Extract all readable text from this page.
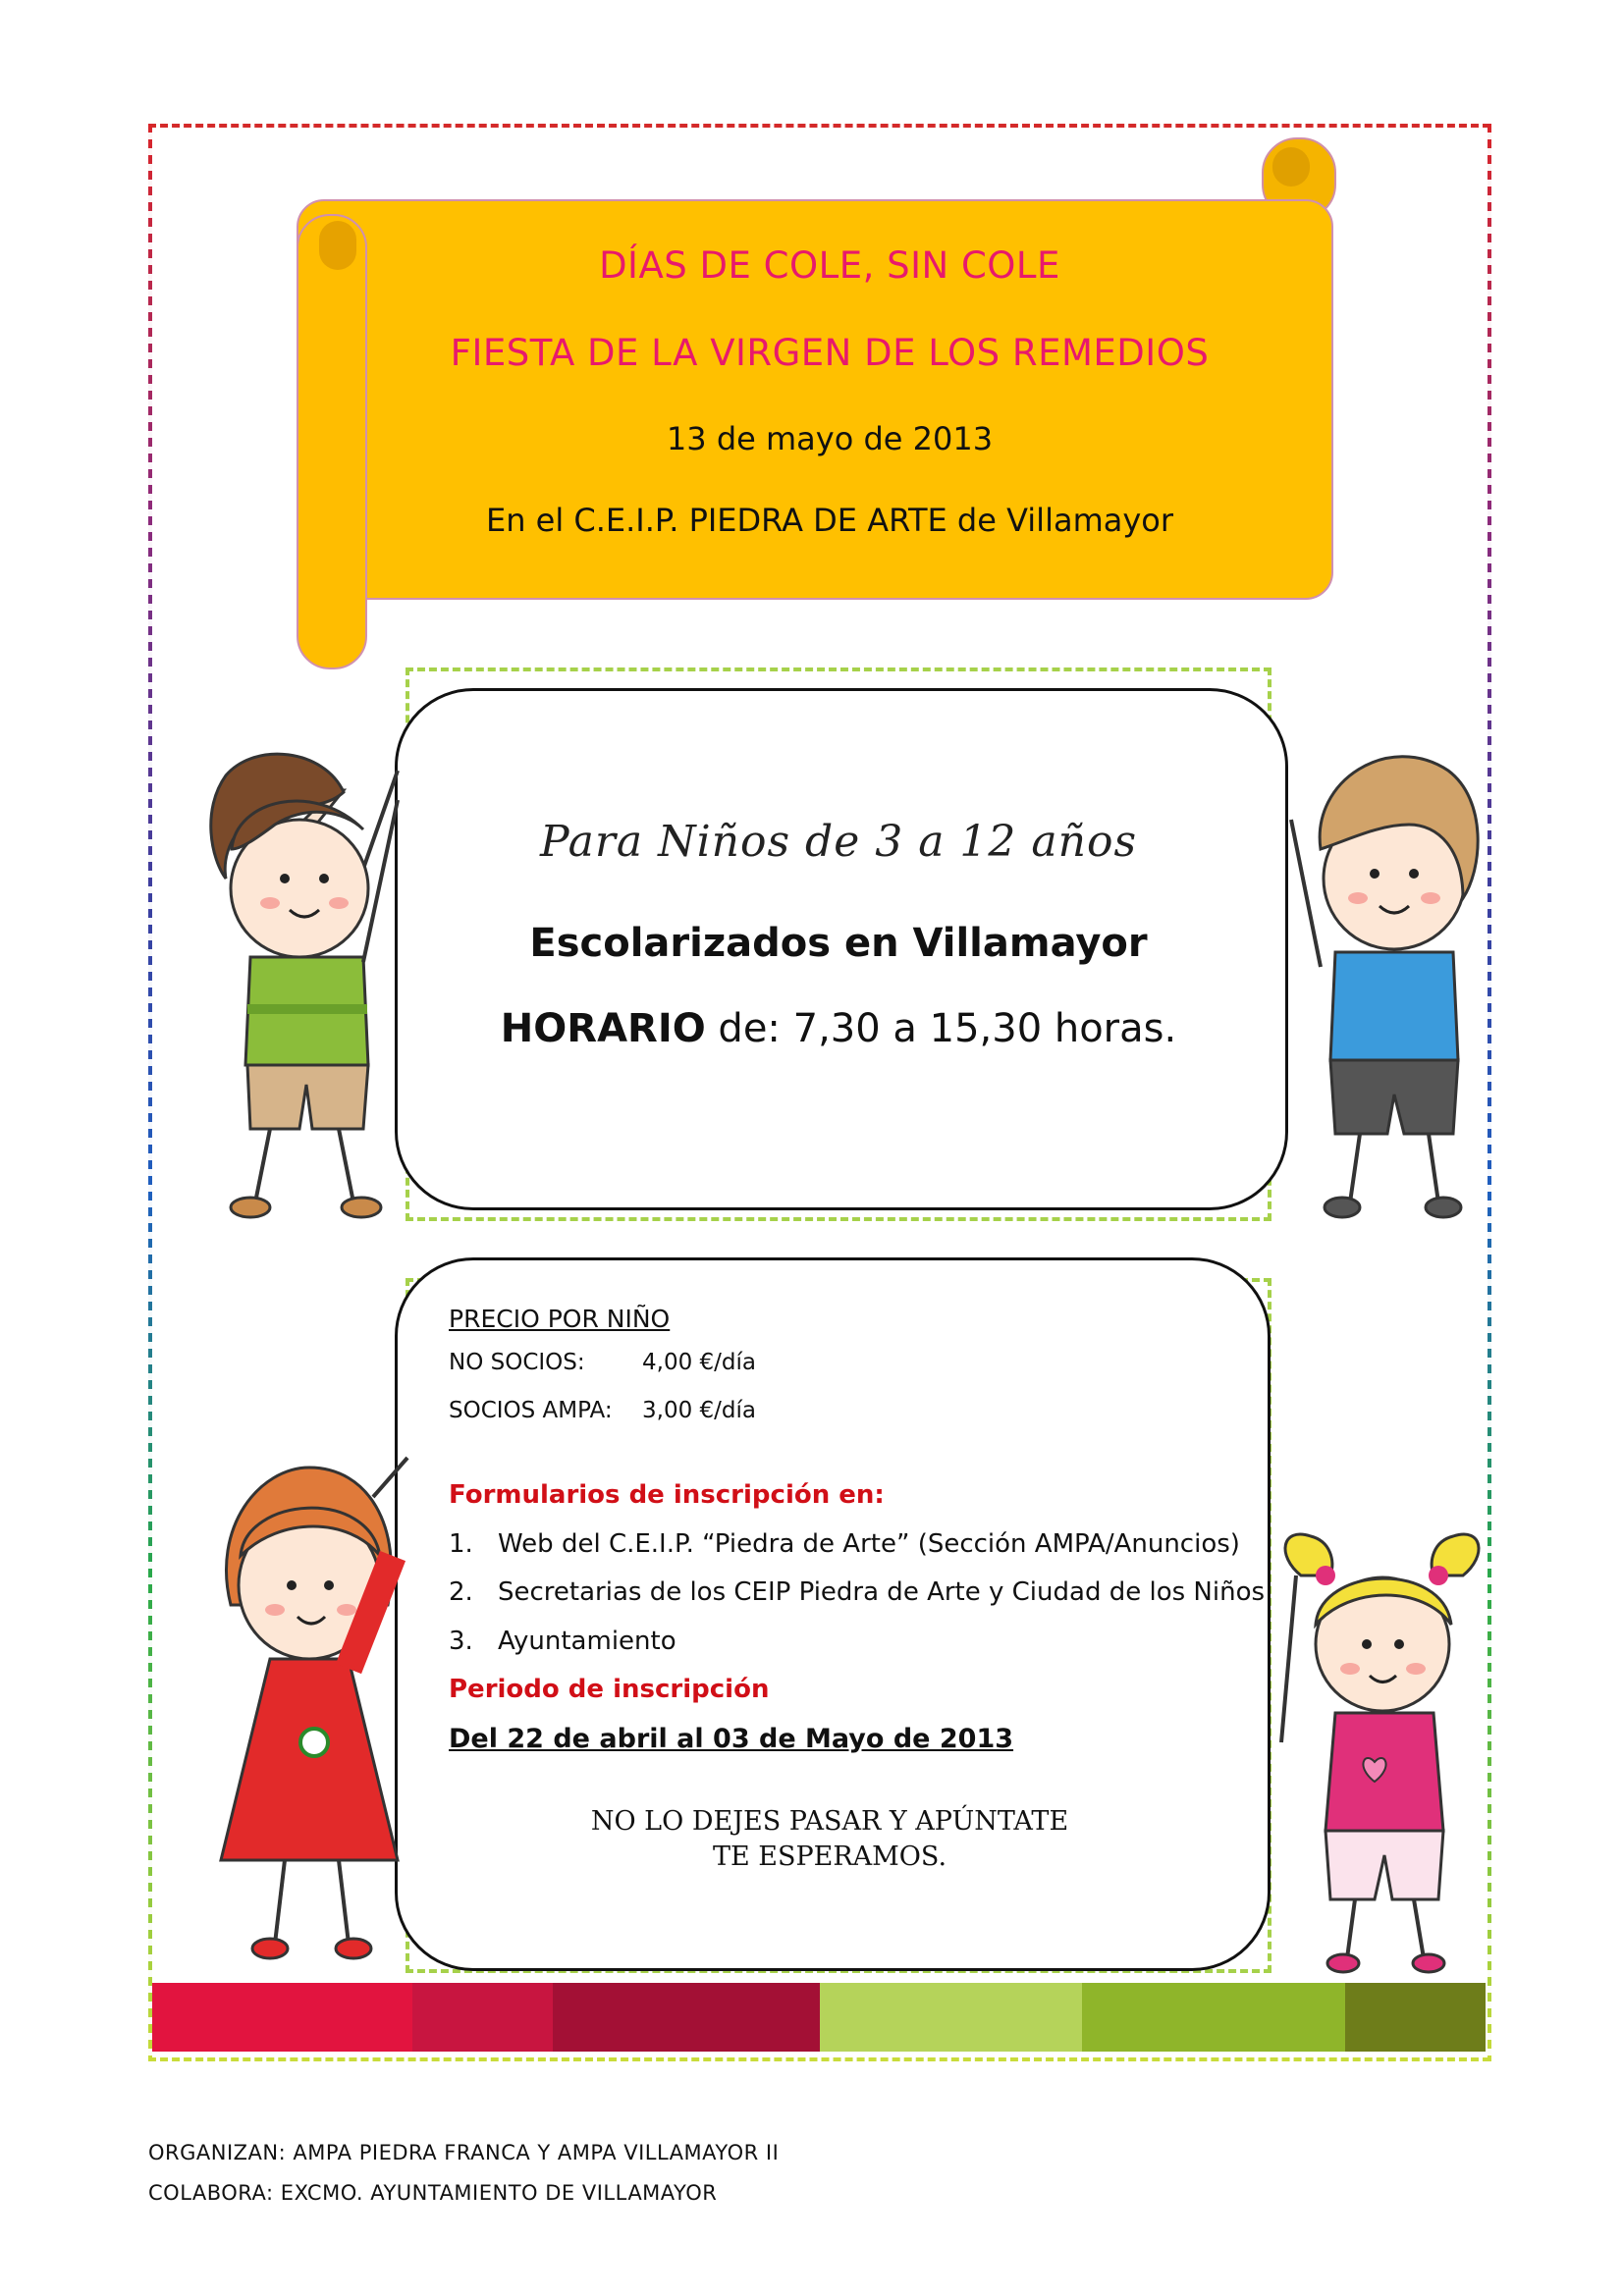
DÍAS DE COLE, SIN COLE
FIESTA DE LA VIRGEN DE LOS REMEDIOS
13 de mayo de 2013
En el C.E.I.P. PIEDRA DE ARTE de Villamayor
Para Niños de 3 a 12 años
Escolarizados en Villamayor
HORARIO de: 7,30 a 15,30 horas.
PRECIO POR NIÑO
NO SOCIOS:	4,00 €/día
SOCIOS AMPA: 3,00 €/día
Formularios de inscripción en:
1. Web del C.E.I.P. “Piedra de Arte” (Sección AMPA/Anuncios)
2. Secretarias de los CEIP Piedra de Arte y Ciudad de los Niños
3. Ayuntamiento
Periodo de inscripción
Del 22 de abril al 03 de Mayo de 2013
NO LO DEJES PASAR Y APÚNTATE
TE ESPERAMOS.
ORGANIZAN: AMPA PIEDRA FRANCA Y AMPA VILLAMAYOR II
COLABORA: EXCMO. AYUNTAMIENTO DE VILLAMAYOR
